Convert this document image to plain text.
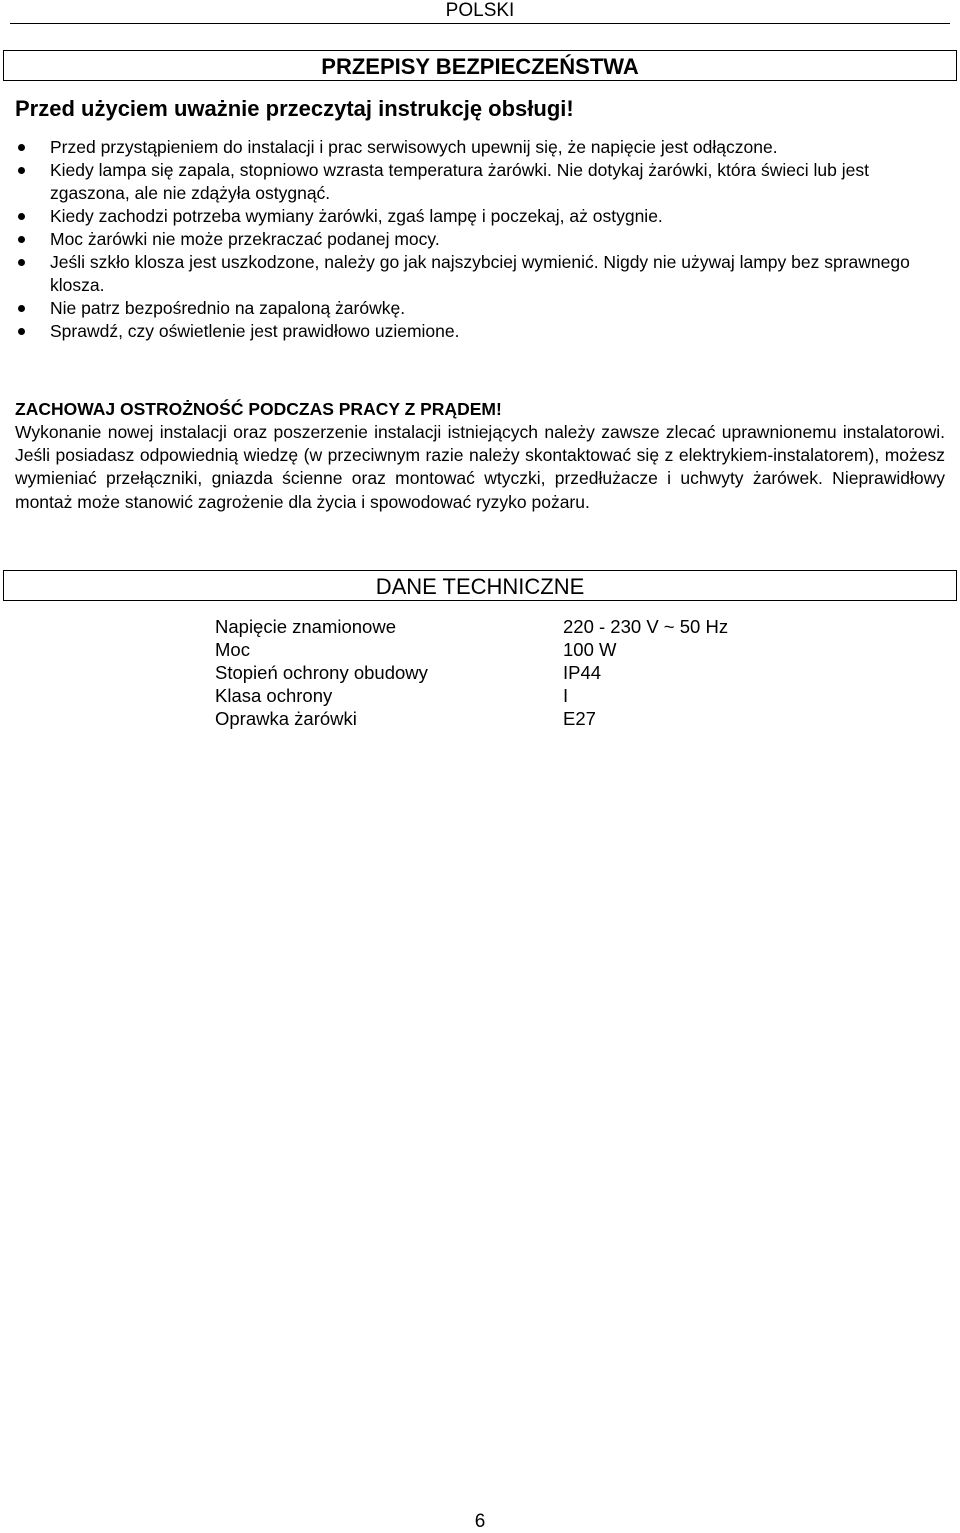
POLSKI
PRZEPISY BEZPIECZEŃSTWA
Przed użyciem uważnie przeczytaj instrukcję obsługi!
Przed przystąpieniem do instalacji i prac serwisowych upewnij się, że napięcie jest odłączone.
Kiedy lampa się zapala, stopniowo wzrasta temperatura żarówki. Nie dotykaj żarówki, która świeci lub jest zgaszona, ale nie zdążyła ostygnąć.
Kiedy zachodzi potrzeba wymiany żarówki, zgaś lampę i poczekaj, aż ostygnie.
Moc żarówki nie może przekraczać podanej mocy.
Jeśli szkło klosza jest uszkodzone, należy go jak najszybciej wymienić. Nigdy nie używaj lampy bez sprawnego klosza.
Nie patrz bezpośrednio na zapaloną żarówkę.
Sprawdź, czy oświetlenie jest prawidłowo uziemione.
ZACHOWAJ OSTROŻNOŚĆ PODCZAS PRACY Z PRĄDEM!

Wykonanie nowej instalacji oraz poszerzenie instalacji istniejących należy zawsze zlecać uprawnionemu instalatorowi. Jeśli posiadasz odpowiednią wiedzę (w przeciwnym razie należy skontaktować się z elektrykiem-instalatorem), możesz wymieniać przełączniki, gniazda ścienne oraz montować wtyczki, przedłużacze i uchwyty żarówek. Nieprawidłowy montaż może stanowić zagrożenie dla życia i spowodować ryzyko pożaru.

DANE TECHNICZNE
Napięcie znamionowe	220 - 230 V ~ 50 Hz
Moc	100 W
Stopień ochrony obudowy	IP44
Klasa ochrony	I
Oprawka żarówki	E27
6
